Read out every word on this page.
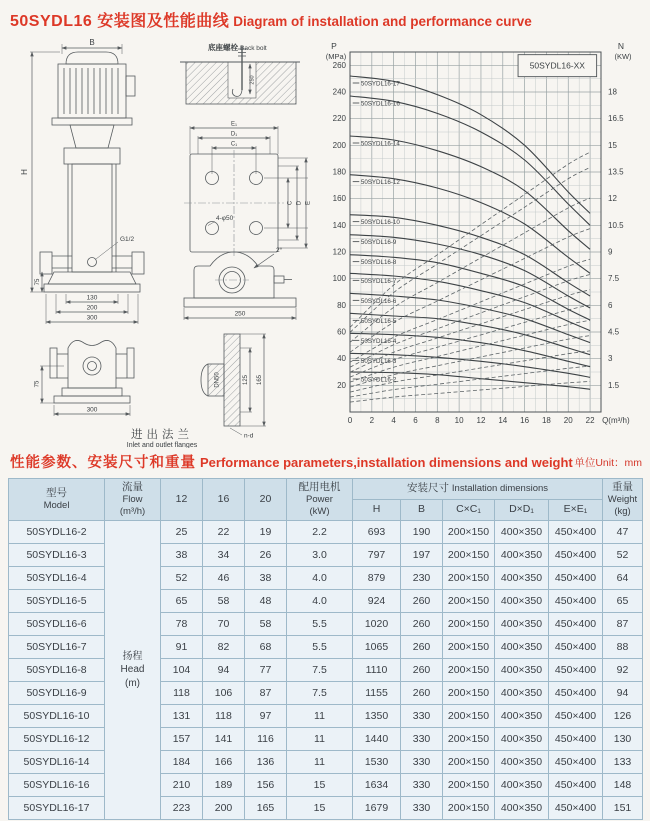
50SYDL16 安装图及性能曲线 Diagram of installation and performance curve
B
G1/2
H
75
130
200
300
75
300
底座螺栓 Back bolt
250
E₁
D₁
C₁
C D E
4-φ50
2°
250
DN50	125 165
n-d
进出法兰
Inlet and outlet flanges
0 2 4 6 8 10 12 14 16 18 20 22
20
40
60
80
100
120
140
160
180
200
220
240
260
1.5
3
4.5
6
7.5
9
10.5
12
13.5
15
16.5
18
P
(MPa)
N
(KW)
Q(m³/h)
50SYDL16-2
50SYDL16-3
50SYDL16-4
50SYDL16-5
50SYDL16-6
50SYDL16-7
50SYDL16-8
50SYDL16-9
50SYDL16-10
50SYDL16-12
50SYDL16-14
50SYDL16-16
50SYDL16-17
50SYDL16-XX
性能参数、安装尺寸和重量 Performance parameters,installation dimensions and weight 单位Unit：mm
型号
Model

流量
Flow
(m³/h)
	12	16	20	
配用电机
Power
(kW)
	安装尺寸 Installation dimensions	重量
Weight
(kg)

						H	B	C×C₁	D×D₁	E×E₁	
50SYDL16-2	扬程
Head
(m)	25	22	19	2.2	693	190	200×150	400×350	450×400	47
50SYDL16-3		38	34	26	3.0	797	197	200×150	400×350	450×400	52
50SYDL16-4		52	46	38	4.0	879	230	200×150	400×350	450×400	64
50SYDL16-5		65	58	48	4.0	924	260	200×150	400×350	450×400	65
50SYDL16-6		78	70	58	5.5	1020	260	200×150	400×350	450×400	87
50SYDL16-7		91	82	68	5.5	1065	260	200×150	400×350	450×400	88
50SYDL16-8		104	94	77	7.5	1110	260	200×150	400×350	450×400	92
50SYDL16-9		118	106	87	7.5	1155	260	200×150	400×350	450×400	94
50SYDL16-10		131	118	97	11	1350	330	200×150	400×350	450×400	126
50SYDL16-12		157	141	116	11	1440	330	200×150	400×350	450×400	130
50SYDL16-14		184	166	136	11	1530	330	200×150	400×350	450×400	133
50SYDL16-16		210	189	156	15	1634	330	200×150	400×350	450×400	148
50SYDL16-17		223	200	165	15	1679	330	200×150	400×350	450×400	151
